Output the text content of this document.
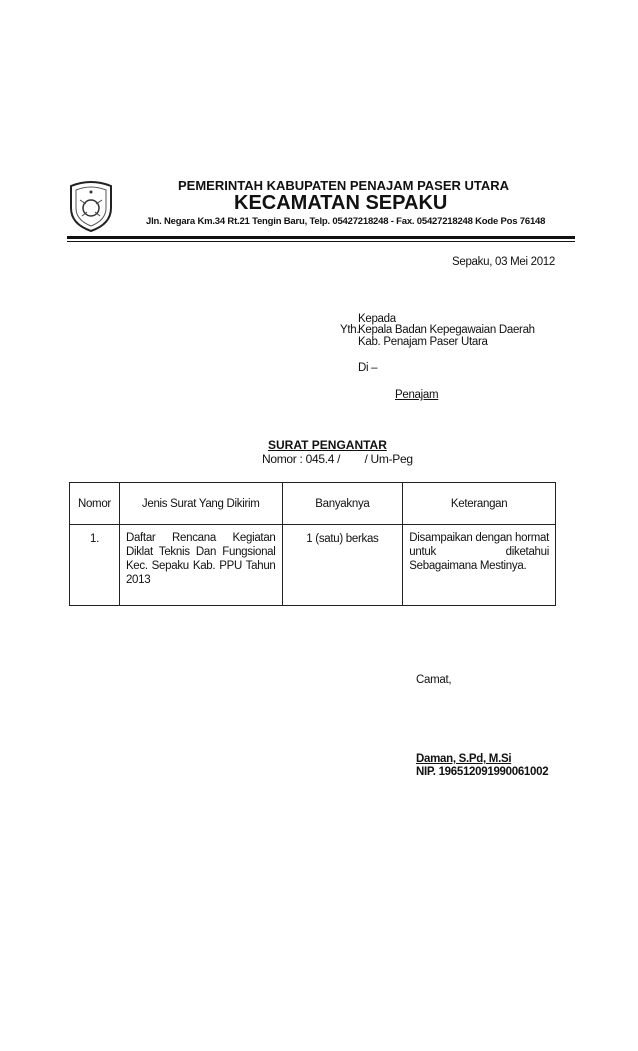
PEMERINTAH KABUPATEN PENAJAM PASER UTARA
KECAMATAN SEPAKU
Jln. Negara Km.34 Rt.21 Tengin Baru, Telp. 05427218248 - Fax. 05427218248 Kode Pos 76148
Sepaku, 03 Mei 2012
Kepada
Yth.
Kepala Badan Kepegawaian Daerah
Kab. Penajam Paser Utara
Di –
Penajam
SURAT PENGANTAR
Nomor : 045.4 /        / Um-Peg
Nomor	Jenis Surat Yang Dikirim	Banyaknya	Keterangan
1.	Daftar Rencana Kegiatan Diklat Teknis Dan Fungsional Kec. Sepaku Kab. PPU Tahun 2013	1 (satu) berkas	Disampaikan dengan hormat untuk diketahui Sebagaimana Mestinya.
Camat,
Daman, S.Pd, M.Si
NIP. 196512091990061002
